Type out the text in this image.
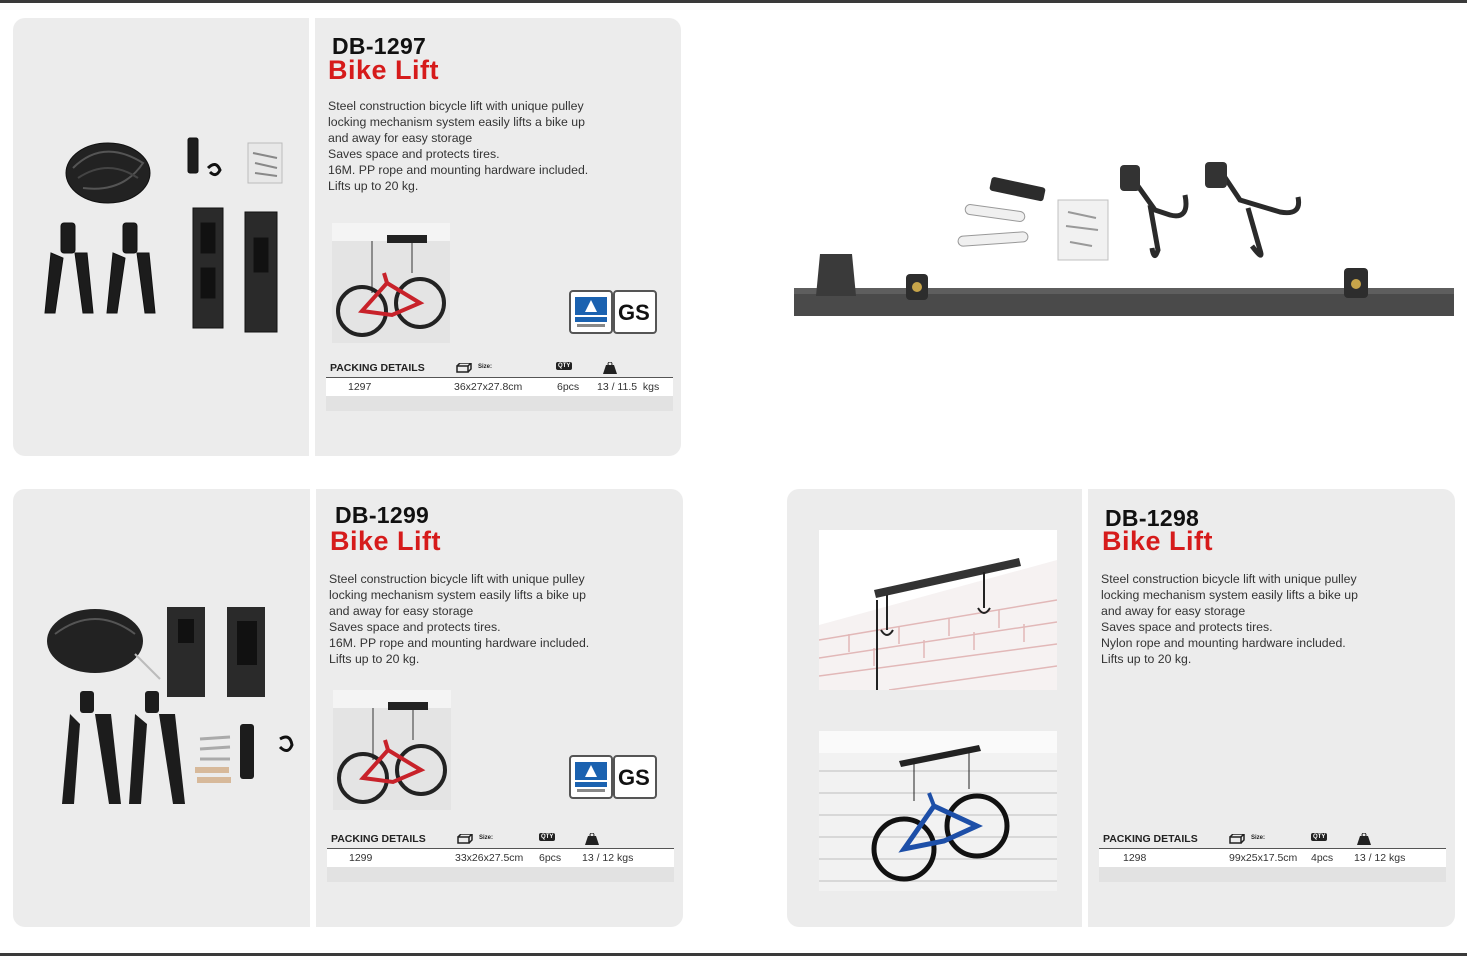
DB-1297
Bike Lift
Steel construction bicycle lift with unique pulley
locking mechanism system easily lifts a bike up
and away for easy storage
Saves space and protects tires.
16M. PP rope and mounting hardware included.
Lifts up to 20 kg.
GS
PACKING DETAILS	Size:	QTY
1297	36x27x27.8cm	6pcs 13 / 11.5  kgs
DB-1299
Bike Lift
Steel construction bicycle lift with unique pulley
locking mechanism system easily lifts a bike up
and away for easy storage
Saves space and protects tires.
16M. PP rope and mounting hardware included.
Lifts up to 20 kg.
GS
PACKING DETAILS	Size:	QTY
1299	33x26x27.5cm 6pcs 13 / 12 kgs
DB-1298
Bike Lift
Steel construction bicycle lift with unique pulley
locking mechanism system easily lifts a bike up
and away for easy storage
Saves space and protects tires.
Nylon rope and mounting hardware included.
Lifts up to 20 kg.
PACKING DETAILS	Size:	QTY
1298	99x25x17.5cm 4pcs 13 / 12 kgs
